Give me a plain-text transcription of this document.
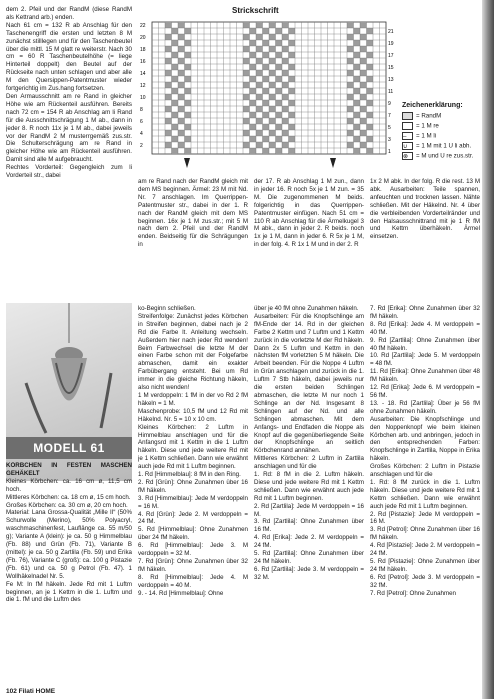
dem 2. Pfeil und der RandM (diese RandM als Kettrand arb.) enden.

Nach 61 cm = 132 R ab Anschlag für den Taschenengriff die ersten und letzten 8 M zunächst stilllegen und für den Taschenbeutel über die mittl. 15 M glatt re weiterstr. Nach 30 cm = 60 R Taschenbeutelhöhe (= liege Hinterteil doppelt) den Beutel auf der Rückseite nach unten schlagen und aber alle M den Quersippen-Patentmuster wieder fortgerichtig im Zus.hang fortsetzen.

Den Armausschnitt am re Rand in gleicher Höhe wie am Rückenteil ausführen. Bereits nach 72 cm = 154 R ab Anschlag am li Rand für die Ausschnittschrägung 1 M ab., dann in jeder 8. R noch 11x je 1 M ab., dabei jeweils vor der RandM 2 M musterrgemäß zus.str. Die Schulterschrägung am re Rand in gleicher Höhe wie am Rückenteil ausführen. Damit sind alle M aufgebraucht.

Rechtes Vorderteil: Gegengleich zum li Vorderteil str., dabei

Strickschrift
22
20
18
16
14
12
10
8
6
4
2
21
19
17
15
13
11
9
7
5
3
1
Zeichenerklärung:
= RandM
= 1 M re
– = 1 M li
∪ = 1 M mit 1 U li abh.
⊗ = M und U re zus.str.

am re Rand nach der RandM gleich mit dem MS beginnen. Ärmel: 23 M mit Nd. Nr. 7 anschlagen. Im Querrippen-Patentmuster str., dabei in der 1. R nach der RandM gleich mit dem MS beginnen. 16x je 1 M zus.str.; mit 5 M nach dem 2. Pfeil und der RandM enden. Beidseitig für die Schrägungen in

der 17. R ab Anschlag 1 M zun., dann in jeder 16. R noch 5x je 1 M zun. = 35 M. Die zugenommenen M beids. folgerichtig in das Querrippen-Patentmuster einfügen. Nach 51 cm = 110 R ab Anschlag für die Ärmelkugel 3 M abk., dann in jeder 2. R beids. noch 1x je 1 M, dann in jeder 6. R 5x je 1 M, in der folg. 4. R 1x 1 M und in der 2. R

1x 2 M abk. In der folg. R die rest. 13 M abk. Ausarbeiten: Teile spannen, anfeuchten und trocknen lassen. Nähte schließen. Mit der Häkelnd. Nr. 4 über die verbleibenden Vorderteilränder und den Halsausschnittrand mit je 1 R fM und Kettm überhäkeln. Ärmel einsetzen.

MODELL 61

KÖRBCHEN IN FESTEN MASCHEN GEHÄKELT

Kleines Körbchen: ca. 16 cm ø, 11,5 cm hoch.

Mittleres Körbchen: ca. 18 cm ø, 15 cm hoch.

Großes Körbchen: ca. 30 cm ø, 20 cm hoch.

Material: Lana Grossa-Qualität „Mille II“ (50% Schurwolle (Merino), 50% Polyacryl, waschmaschinenfest, Lauflänge ca. 55 m/50 g); Variante A (klein): je ca. 50 g Himmelblau (Fb. 88) und Grün (Fb. 71), Variante B (mittel): je ca. 50 g Zartlila (Fb. 59) und Erika (Fb. 76), Variante C (groß): ca. 100 g Pistazie (Fb. 61) und ca. 50 g Petrol (Fb. 47). 1 Wollhäkelnadel Nr. 5.

Fe M: In fM häkeln. Jede Rd mit 1 Luftm beginnen, an je 1 Kettm in die 1. Luftm und die 1. fM und die Luftm des

ko-Beginn schließen.

Streifenfolge: Zunächst jedes Körbchen in Streifen beginnen, dabei nach je 2 Rd die Farbe lt. Anleitung wechseln. Außerdem hier nach jeder Rd wenden! Beim Farbwechsel die letzte M der einen Farbe schon mit der Folgefarbe abmaschen, damit ein exakter Farbübergang entsteht. Bei um Rd immer in die gleiche Richtung häkeln, also nicht wenden!

1 M verdoppeln: 1 fM in der vo Rd 2 fM häkeln = 1 M.

Maschenprobe: 10,5 fM und 12 Rd mit Häkelnd. Nr. 5 = 10 x 10 cm.

Kleines Körbchen: 2 Luftm in Himmelblau anschlagen und für die Anfangsrd mit 1 Kettm in die 1 Luftm häkeln. Diese und jede weitere Rd mit je 1 Kettm schließen. Dann wie erwähnt auch jede Rd mit 1 Luftm beginnen.

1. Rd [Himmelblau]: 8 fM in den Ring.

2. Rd [Grün]: Ohne Zunahmen über 16 fM häkeln.

3. Rd [Himmelblau]: Jede M verdoppeln = 16 M.

4. Rd [Grün]: Jede 2. M verdoppeln = 24 fM.

5. Rd [Himmelblau]: Ohne Zunahmen über 24 fM häkeln.

6. Rd [Himmelblau]: Jede 3. M verdoppeln = 32 M.

7. Rd [Grün]: Ohne Zunahmen über 32 fM häkeln.

8. Rd [Himmelblau]: Jede 4. M verdoppeln = 40 M.

9. - 14. Rd [Himmelblau]: Ohne

über je 40 fM ohne Zunahmen häkeln.

Ausarbeiten: Für die Knopfschlinge am fM-Ende der 14. Rd in der gleichen Farbe 2 Kettm und 7 Luftm und 1 Kettm zurück in die vorletzte M der Rd häkeln. Dann 2x 5 Luftm und Kettm in den nächsten fM vorletzten 5 M häkeln. Die Arbeit beenden. Für die Noppe 4 Luftm in Grün anschlagen und zurück in die 1. Luftm 7 Stb häkeln, dabei jeweils nur die ersten beiden Schlingen abmaschen, die letzte M nur noch 1 Schlinge an der Nd. Insgesamt 8 Schlingen auf der Nd. und alle Schlingen abmaschen. Mit dem Anfangs- und Endfaden die Noppe als Knopf auf die gegenüberliegende Seite der Knopfschlinge an seitlich Körbchenrand annähen.

Mittleres Körbchen: 2 Luftm in Zartlila anschlagen und für die

1. Rd: 8 fM in die 2. Luftm häkeln. Diese und jede weitere Rd mit 1 Kettm schließen. Dann wie erwähnt auch jede Rd mit 1 Luftm beginnen.

2. Rd [Zartlila]: Jede M verdoppeln = 16 M.

3. Rd [Zartlila]: Ohne Zunahmen über 16 fM.

4. Rd [Erika]: Jede 2. M verdoppeln = 24 fM.

5. Rd [Zartlila]: Ohne Zunahmen über 24 fM häkeln.

6. Rd [Zartlila]: Jede 3. M verdoppeln = 32 M.

7. Rd [Erika]: Ohne Zunahmen über 32 fM häkeln.

8. Rd [Erika]: Jede 4. M verdoppeln = 40 fM.

9. Rd [Zartlila]: Ohne Zunahmen über 40 fM häkeln.

10. Rd [Zartlila]: Jede 5. M verdoppeln = 48 fM.

11. Rd [Erika]: Ohne Zunahmen über 48 fM häkeln.

12. Rd [Erika]: Jede 6. M verdoppeln = 56 fM.

13. - 18. Rd [Zartlila]: Über je 56 fM ohne Zunahmen häkeln.

Ausarbeiten: Die Knopfschlinge und den Noppenknopf wie beim kleinen Körbchen arb. und anbringen, jedoch in den entsprechenden Farben: Knopfschlinge in Zartlila, Noppe in Erika häkeln.

Großes Körbchen: 2 Luftm in Pistazie anschlagen und für die

1. Rd: 8 fM zurück in die 1. Luftm häkeln. Diese und jede weitere Rd mit 1 Kettm schließen. Dann wie erwähnt auch jede Rd mit 1 Luftm beginnen.

2. Rd [Pistazie]: Jede M verdoppeln = 16 M.

3. Rd [Petrol]: Ohne Zunahmen über 16 fM häkeln.

4. Rd [Pistazie]: Jede 2. M verdoppeln = 24 fM.

5. Rd [Pistazie]: Ohne Zunahmen über 24 fM häkeln.

6. Rd [Petrol]: Jede 3. M verdoppeln = 32 fM.

7. Rd [Petrol]: Ohne Zunahmen

102 Filati HOME
